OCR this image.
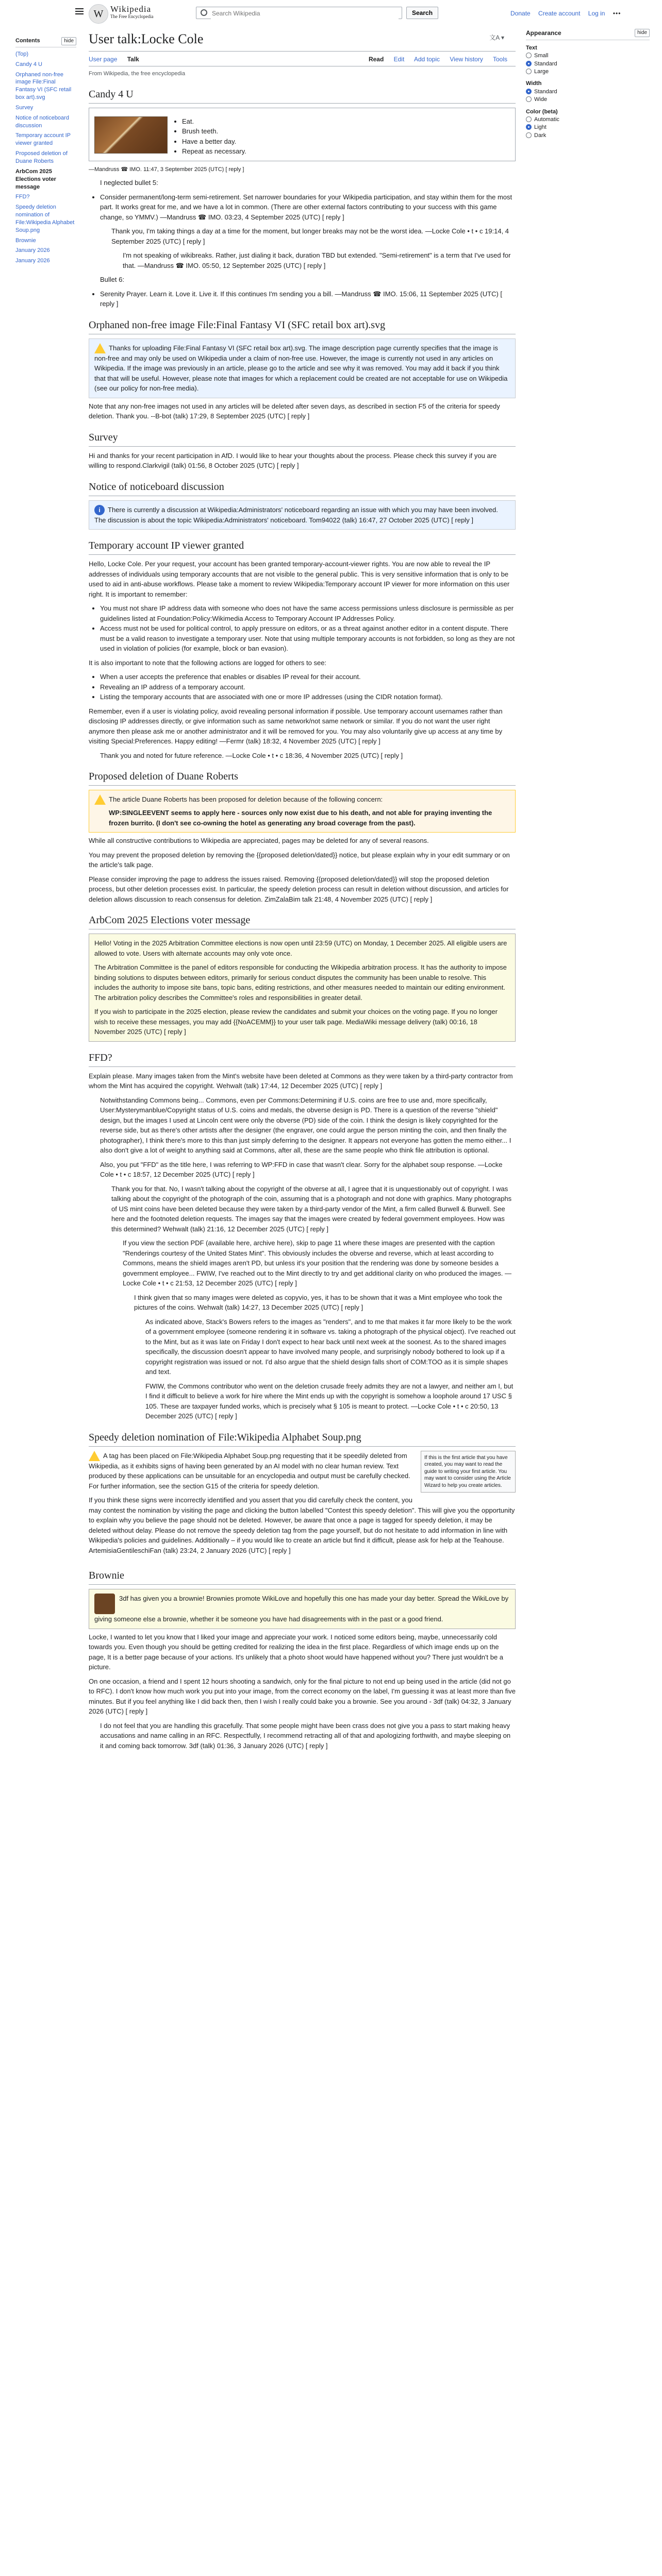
W Wikipedia
The Free Encyclopedia
Search Wikipedia	Search	Donate Create account Log in •••
Contents	hide
(Top)
Candy 4 U
Orphaned non-free image File:Final Fantasy VI (SFC retail box art).svg
Survey
Notice of noticeboard discussion
Temporary account IP viewer granted
Proposed deletion of Duane Roberts
ArbCom 2025 Elections voter message
FFD?
Speedy deletion nomination of File:Wikipedia Alphabet Soup.png
Brownie
January 2026
January 2026
User talk:Locke Cole	文A ▾
User page Talk	Read Edit Add topic View history Tools
From Wikipedia, the free encyclopedia
Candy 4 U
• Eat.
• Brush teeth.
• Have a better day.
• Repeat as necessary.

—Mandruss ☎ IMO. 11:47, 3 September 2025 (UTC) [ reply ]

I neglected bullet 5:

• Consider permanent/long-term semi-retirement. Set narrower boundaries for your Wikipedia participation, and stay within them for the most part. It works great for me, and we have a lot in common. (There are other external factors contributing to your success with this game change, so YMMV.) —Mandruss ☎ IMO. 03:23, 4 September 2025 (UTC) [ reply ]

Thank you, I'm taking things a day at a time for the moment, but longer breaks may not be the worst idea. —Locke Cole • t • c 19:14, 4 September 2025 (UTC) [ reply ]

I'm not speaking of wikibreaks. Rather, just dialing it back, duration TBD but extended. "Semi-retirement" is a term that I've used for that. —Mandruss ☎ IMO. 05:50, 12 September 2025 (UTC) [ reply ]

Bullet 6:

• Serenity Prayer. Learn it. Love it. Live it. If this continues I'm sending you a bill. —Mandruss ☎ IMO. 15:06, 11 September 2025 (UTC) [ reply ]
Orphaned non-free image File:Final Fantasy VI (SFC retail box art).svg
Thanks for uploading File:Final Fantasy VI (SFC retail box art).svg. The image description page currently specifies that the image is non-free and may only be used on Wikipedia under a claim of non-free use. However, the image is currently not used in any articles on Wikipedia. If the image was previously in an article, please go to the article and see why it was removed. You may add it back if you think that that will be useful. However, please note that images for which a replacement could be created are not acceptable for use on Wikipedia (see our policy for non-free media).

Note that any non-free images not used in any articles will be deleted after seven days, as described in section F5 of the criteria for speedy deletion. Thank you. --B-bot (talk) 17:29, 8 September 2025 (UTC) [ reply ]

Survey

Hi and thanks for your recent participation in AfD. I would like to hear your thoughts about the process. Please check this survey if you are willing to respond.Clarkvigil (talk) 01:56, 8 October 2025 (UTC) [ reply ]

Notice of noticeboard discussion
i There is currently a discussion at Wikipedia:Administrators' noticeboard regarding an issue with which you may have been involved. The discussion is about the topic Wikipedia:Administrators' noticeboard. Tom94022 (talk) 16:47, 27 October 2025 (UTC) [ reply ]
Temporary account IP viewer granted

Hello, Locke Cole. Per your request, your account has been granted temporary-account-viewer rights. You are now able to reveal the IP addresses of individuals using temporary accounts that are not visible to the general public. This is very sensitive information that is only to be used to aid in anti-abuse workflows. Please take a moment to review Wikipedia:Temporary account IP viewer for more information on this user right. It is important to remember:

• You must not share IP address data with someone who does not have the same access permissions unless disclosure is permissible as per guidelines listed at Foundation:Policy:Wikimedia Access to Temporary Account IP Addresses Policy.
• Access must not be used for political control, to apply pressure on editors, or as a threat against another editor in a content dispute. There must be a valid reason to investigate a temporary user. Note that using multiple temporary accounts is not forbidden, so long as they are not used in violation of policies (for example, block or ban evasion).

It is also important to note that the following actions are logged for others to see:

• When a user accepts the preference that enables or disables IP reveal for their account.
• Revealing an IP address of a temporary account.
• Listing the temporary accounts that are associated with one or more IP addresses (using the CIDR notation format).

Remember, even if a user is violating policy, avoid revealing personal information if possible. Use temporary account usernames rather than disclosing IP addresses directly, or give information such as same network/not same network or similar. If you do not want the user right anymore then please ask me or another administrator and it will be removed for you. You may also voluntarily give up access at any time by visiting Special:Preferences. Happy editing! —Fermr (talk) 18:32, 4 November 2025 (UTC) [ reply ]

Thank you and noted for future reference. —Locke Cole • t • c 18:36, 4 November 2025 (UTC) [ reply ]

Proposed deletion of Duane Roberts
The article Duane Roberts has been proposed for deletion because of the following concern:

WP:SINGLEEVENT seems to apply here - sources only now exist due to his death, and not able for praying inventing the frozen burrito. (I don't see co-owning the hotel as generating any broad coverage from the past).

While all constructive contributions to Wikipedia are appreciated, pages may be deleted for any of several reasons.

You may prevent the proposed deletion by removing the {{proposed deletion/dated}} notice, but please explain why in your edit summary or on the article's talk page.

Please consider improving the page to address the issues raised. Removing {{proposed deletion/dated}} will stop the proposed deletion process, but other deletion processes exist. In particular, the speedy deletion process can result in deletion without discussion, and articles for deletion allows discussion to reach consensus for deletion. ZimZalaBim talk 21:48, 4 November 2025 (UTC) [ reply ]

ArbCom 2025 Elections voter message

Hello! Voting in the 2025 Arbitration Committee elections is now open until 23:59 (UTC) on Monday, 1 December 2025. All eligible users are allowed to vote. Users with alternate accounts may only vote once.

The Arbitration Committee is the panel of editors responsible for conducting the Wikipedia arbitration process. It has the authority to impose binding solutions to disputes between editors, primarily for serious conduct disputes the community has been unable to resolve. This includes the authority to impose site bans, topic bans, editing restrictions, and other measures needed to maintain our editing environment. The arbitration policy describes the Committee's roles and responsibilities in greater detail.

If you wish to participate in the 2025 election, please review the candidates and submit your choices on the voting page. If you no longer wish to receive these messages, you may add {{NoACEMM}} to your user talk page. MediaWiki message delivery (talk) 00:16, 18 November 2025 (UTC) [ reply ]

FFD?

Explain please. Many images taken from the Mint's website have been deleted at Commons as they were taken by a third-party contractor from whom the Mint has acquired the copyright. Wehwalt (talk) 17:44, 12 December 2025 (UTC) [ reply ]

Notwithstanding Commons being... Commons, even per Commons:Determining if U.S. coins are free to use and, more specifically, User:Mysterymanblue/Copyright status of U.S. coins and medals, the obverse design is PD. There is a question of the reverse "shield" design, but the images I used at Lincoln cent were only the obverse (PD) side of the coin. I think the design is likely copyrighted for the reverse side, but as there's other artists after the designer (the engraver, one could argue the person minting the coin, and then finally the photographer), I think there's more to this than just simply deferring to the designer. It appears not everyone has gotten the memo either... I also don't give a lot of weight to anything said at Commons, after all, these are the same people who think file attribution is optional.

Also, you put "FFD" as the title here, I was referring to WP:FFD in case that wasn't clear. Sorry for the alphabet soup response. —Locke Cole • t • c 18:57, 12 December 2025 (UTC) [ reply ]

Thank you for that. No, I wasn't talking about the copyright of the obverse at all, I agree that it is unquestionably out of copyright. I was talking about the copyright of the photograph of the coin, assuming that is a photograph and not done with graphics. Many photographs of US mint coins have been deleted because they were taken by a third-party vendor of the Mint, a firm called Burwell & Burwell. See here and the footnoted deletion requests. The images say that the images were created by federal government employees. How was this determined? Wehwalt (talk) 21:16, 12 December 2025 (UTC) [ reply ]

If you view the section PDF (available here, archive here), skip to page 11 where these images are presented with the caption "Renderings courtesy of the United States Mint". This obviously includes the obverse and reverse, which at least according to Commons, means the shield images aren't PD, but unless it's your position that the rendering was done by someone besides a government employee... FWIW, I've reached out to the Mint directly to try and get additional clarity on who produced the images. —Locke Cole • t • c 21:53, 12 December 2025 (UTC) [ reply ]

I think given that so many images were deleted as copyvio, yes, it has to be shown that it was a Mint employee who took the pictures of the coins. Wehwalt (talk) 14:27, 13 December 2025 (UTC) [ reply ]

As indicated above, Stack's Bowers refers to the images as "renders", and to me that makes it far more likely to be the work of a government employee (someone rendering it in software vs. taking a photograph of the physical object). I've reached out to the Mint, but as it was late on Friday I don't expect to hear back until next week at the soonest. As to the shared images specifically, the discussion doesn't appear to have involved many people, and surprisingly nobody bothered to look up if a copyright registration was issued or not. I'd also argue that the shield design falls short of COM:TOO as it is simple shapes and text.

FWIW, the Commons contributor who went on the deletion crusade freely admits they are not a lawyer, and neither am I, but I find it difficult to believe a work for hire where the Mint ends up with the copyright is somehow a loophole around 17 USC § 105. These are taxpayer funded works, which is precisely what § 105 is meant to protect. —Locke Cole • t • c 20:50, 13 December 2025 (UTC) [ reply ]

Speedy deletion nomination of File:Wikipedia Alphabet Soup.png
If this is the first article that you have created, you may want to read the guide to writing your first article. You may want to consider using the Article Wizard to help you create articles.

A tag has been placed on File:Wikipedia Alphabet Soup.png requesting that it be speedily deleted from Wikipedia, as it exhibits signs of having been generated by an AI model with no clear human review. Text produced by these applications can be unsuitable for an encyclopedia and output must be carefully checked. For further information, see the section G15 of the criteria for speedy deletion.

If you think these signs were incorrectly identified and you assert that you did carefully check the content, you may contest the nomination by visiting the page and clicking the button labelled "Contest this speedy deletion". This will give you the opportunity to explain why you believe the page should not be deleted. However, be aware that once a page is tagged for speedy deletion, it may be deleted without delay. Please do not remove the speedy deletion tag from the page yourself, but do not hesitate to add information in line with Wikipedia's policies and guidelines. Additionally – if you would like to create an article but find it difficult, please ask for help at the Teahouse. ArtemisiaGentileschiFan (talk) 23:24, 2 January 2026 (UTC) [ reply ]

Brownie
3df has given you a brownie! Brownies promote WikiLove and hopefully this one has made your day better. Spread the WikiLove by giving someone else a brownie, whether it be someone you have had disagreements with in the past or a good friend.

Locke, I wanted to let you know that I liked your image and appreciate your work. I noticed some editors being, maybe, unnecessarily cold towards you. Even though you should be getting credited for realizing the idea in the first place. Regardless of which image ends up on the page, It is a better page because of your actions. It's unlikely that a photo shoot would have happened without you? There just wouldn't be a picture.

On one occasion, a friend and I spent 12 hours shooting a sandwich, only for the final picture to not end up being used in the article (did not go to RFC). I don't know how much work you put into your image, from the correct economy on the label, I'm guessing it was at least more than five minutes. But if you feel anything like I did back then, then I wish I really could bake you a brownie. See you around - 3df (talk) 04:32, 3 January 2026 (UTC) [ reply ]

I do not feel that you are handling this gracefully. That some people might have been crass does not give you a pass to start making heavy accusations and name calling in an RFC. Respectfully, I recommend retracting all of that and apologizing forthwith, and maybe sleeping on it and coming back tomorrow. 3df (talk) 01:36, 3 January 2026 (UTC) [ reply ]

Appearance	hide
Text
Small
Standard
Large
Width
Standard
Wide
Color (beta)
Automatic
Light
Dark
